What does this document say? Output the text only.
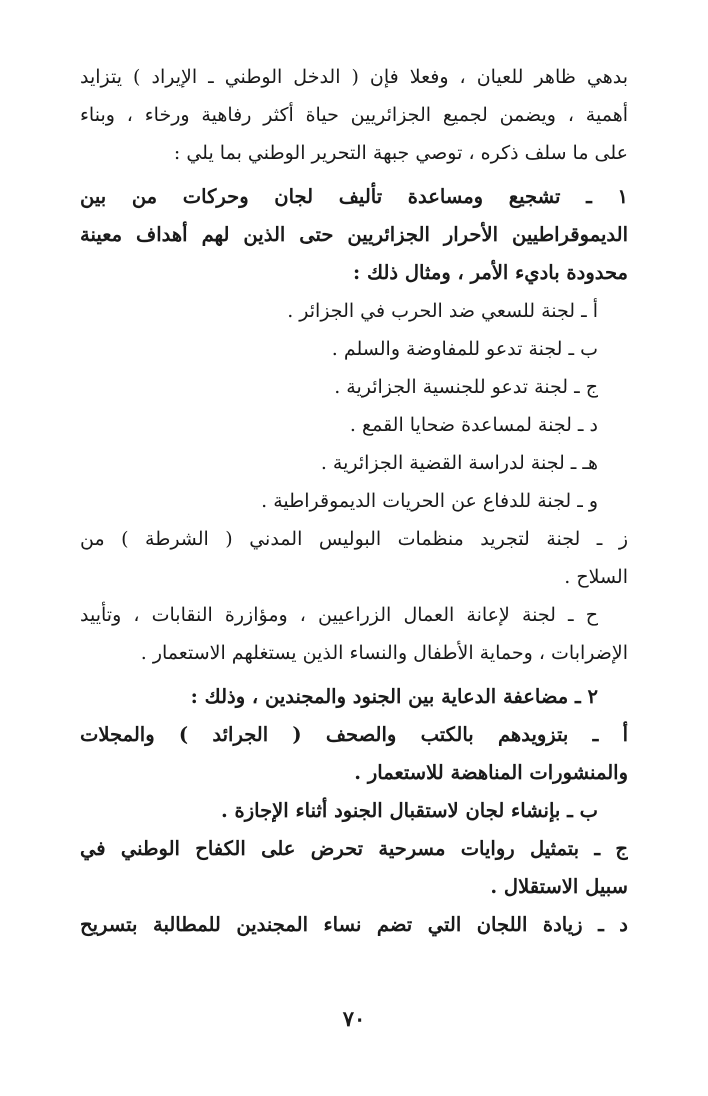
بدهي ظاهر للعيان ، وفعلا فإن ( الدخل الوطني ـ الإيراد ) يتزايد

أهمية ، ويضمن لجميع الجزائريين حياة أكثر رفاهية ورخاء ، وبناء

على ما سلف ذكره ، توصي جبهة التحرير الوطني بما يلي :

١ ـ تشجيع ومساعدة تأليف لجان وحركات من بين

الديموقراطيين الأحرار الجزائريين حتى الذين لهم أهداف معينة

محدودة باديء الأمر ، ومثال ذلك :

أ ـ لجنة للسعي ضد الحرب في الجزائر .

ب ـ لجنة تدعو للمفاوضة والسلم .

ج ـ لجنة تدعو للجنسية الجزائرية .

د ـ لجنة لمساعدة ضحايا القمع .

هـ ـ لجنة لدراسة القضية الجزائرية .

و ـ لجنة للدفاع عن الحريات الديموقراطية .

ز ـ لجنة لتجريد منظمات البوليس المدني ( الشرطة ) من

السلاح .

ح ـ لجنة لإعانة العمال الزراعيين ، ومؤازرة النقابات ، وتأييد

الإضرابات ، وحماية الأطفال والنساء الذين يستغلهم الاستعمار .

٢ ـ مضاعفة الدعاية بين الجنود والمجندين ، وذلك :

أ ـ بتزويدهم بالكتب والصحف ( الجرائد ) والمجلات

والمنشورات المناهضة للاستعمار .

ب ـ بإنشاء لجان لاستقبال الجنود أثناء الإجازة .

ج ـ بتمثيل روايات مسرحية تحرض على الكفاح الوطني في

سبيل الاستقلال .

د ـ زيادة اللجان التي تضم نساء المجندين للمطالبة بتسريح

٧٠
